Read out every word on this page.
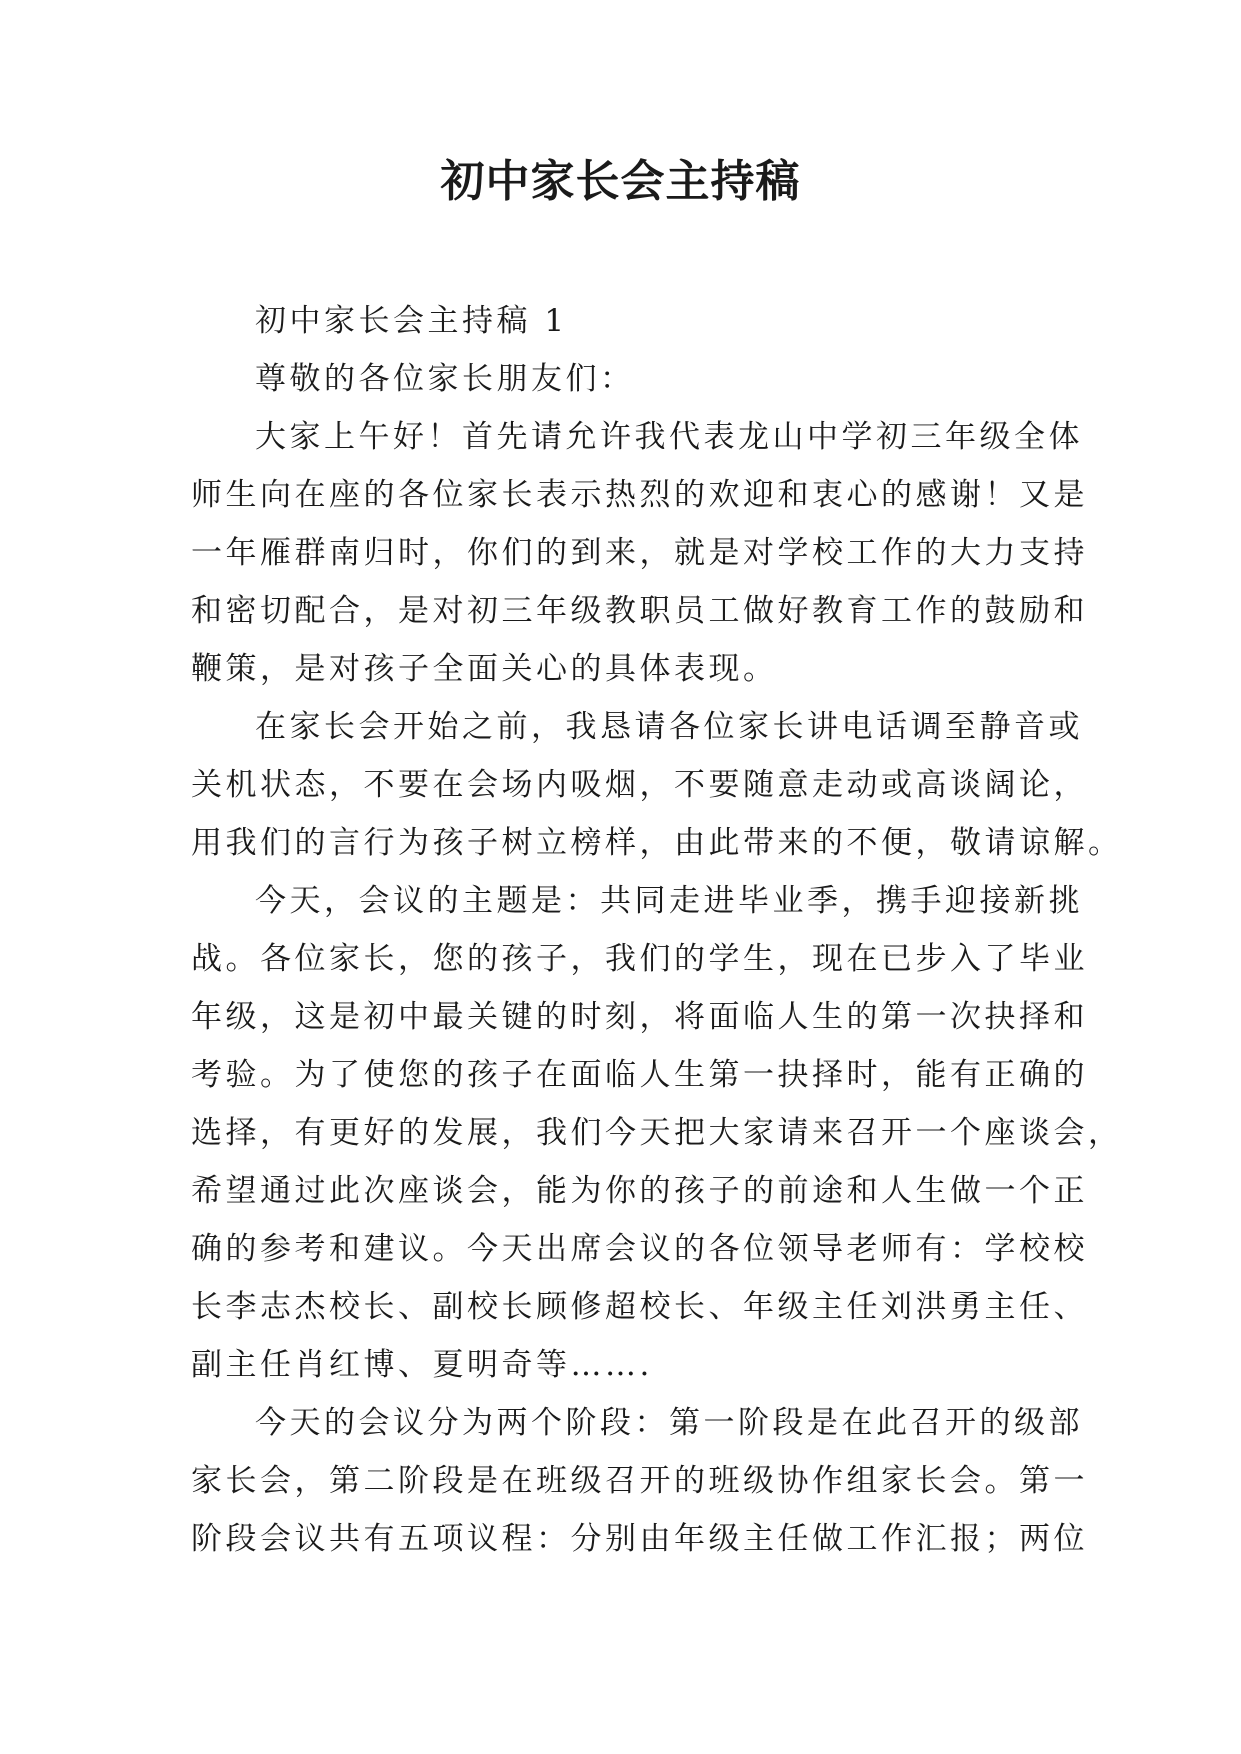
初中家长会主持稿
初中家长会主持稿 1
尊敬的各位家长朋友们：
大家上午好！首先请允许我代表龙山中学初三年级全体
师生向在座的各位家长表示热烈的欢迎和衷心的感谢！又是
一年雁群南归时，你们的到来，就是对学校工作的大力支持
和密切配合，是对初三年级教职员工做好教育工作的鼓励和
鞭策，是对孩子全面关心的具体表现。
在家长会开始之前，我恳请各位家长讲电话调至静音或
关机状态，不要在会场内吸烟，不要随意走动或高谈阔论，
用我们的言行为孩子树立榜样，由此带来的不便，敬请谅解。
今天，会议的主题是：共同走进毕业季，携手迎接新挑
战。各位家长，您的孩子，我们的学生，现在已步入了毕业
年级，这是初中最关键的时刻，将面临人生的第一次抉择和
考验。为了使您的孩子在面临人生第一抉择时，能有正确的
选择，有更好的发展，我们今天把大家请来召开一个座谈会，
希望通过此次座谈会，能为你的孩子的前途和人生做一个正
确的参考和建议。今天出席会议的各位领导老师有：学校校
长李志杰校长、副校长顾修超校长、年级主任刘洪勇主任、
副主任肖红博、夏明奇等…….
今天的会议分为两个阶段：第一阶段是在此召开的级部
家长会，第二阶段是在班级召开的班级协作组家长会。第一
阶段会议共有五项议程：分别由年级主任做工作汇报；两位
